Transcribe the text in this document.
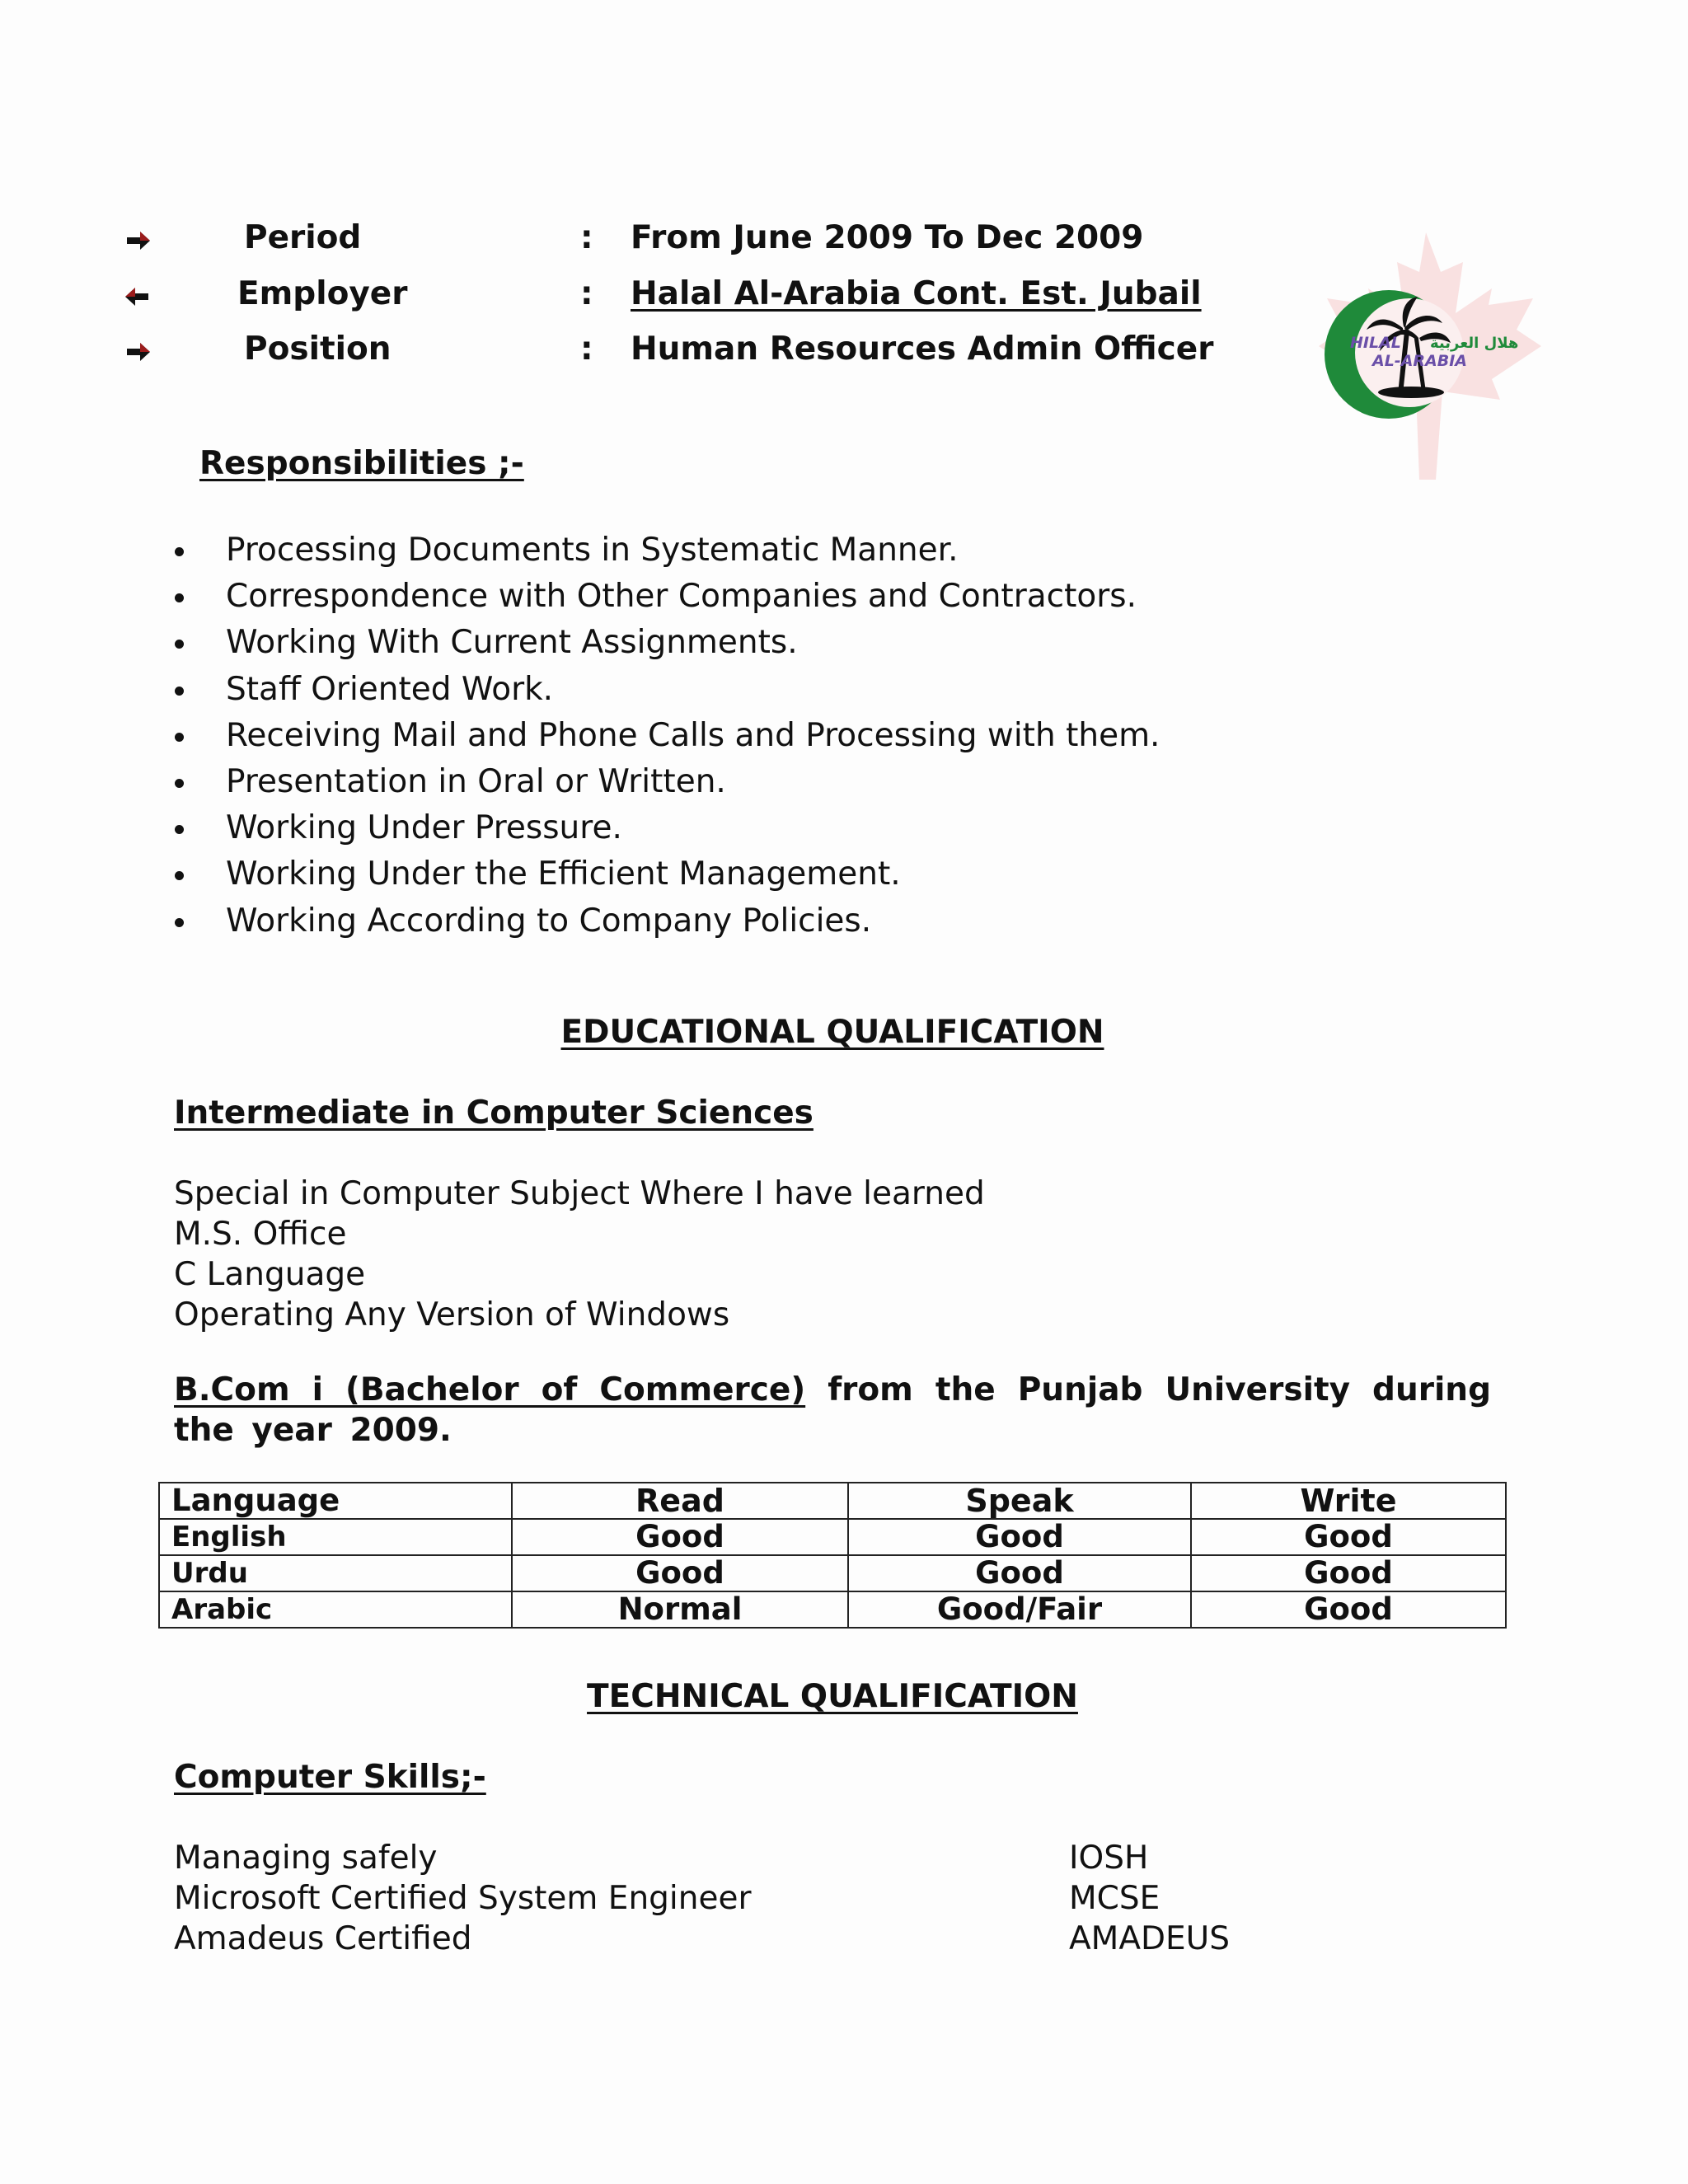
Period	: From June 2009 To Dec 2009
Employer	: Halal Al-Arabia Cont. Est. Jubail
Position	: Human Resources Admin Officer	HILAL
AL-ARABIA
هلال العربية
Responsibilities ;-
Processing Documents in Systematic Manner.
Correspondence with Other Companies and Contractors.
Working With Current Assignments.
Staff Oriented Work.
Receiving Mail and Phone Calls and Processing with them.
Presentation in Oral or Written.
Working Under Pressure.
Working Under the Efficient Management.
Working According to Company Policies.
EDUCATIONAL QUALIFICATION
Intermediate in Computer Sciences
Special in Computer Subject Where I have learned
M.S. Office
C Language
Operating Any Version of Windows
B.Com i (Bachelor of Commerce) from the Punjab University during the year 2009.
Language	Read	Speak	Write
English	Good	Good	Good
Urdu	Good	Good	Good
Arabic	Normal	Good/Fair	Good
TECHNICAL QUALIFICATION
Computer Skills;-
Managing safely	IOSH
Microsoft Certified System Engineer	MCSE
Amadeus Certified	AMADEUS
